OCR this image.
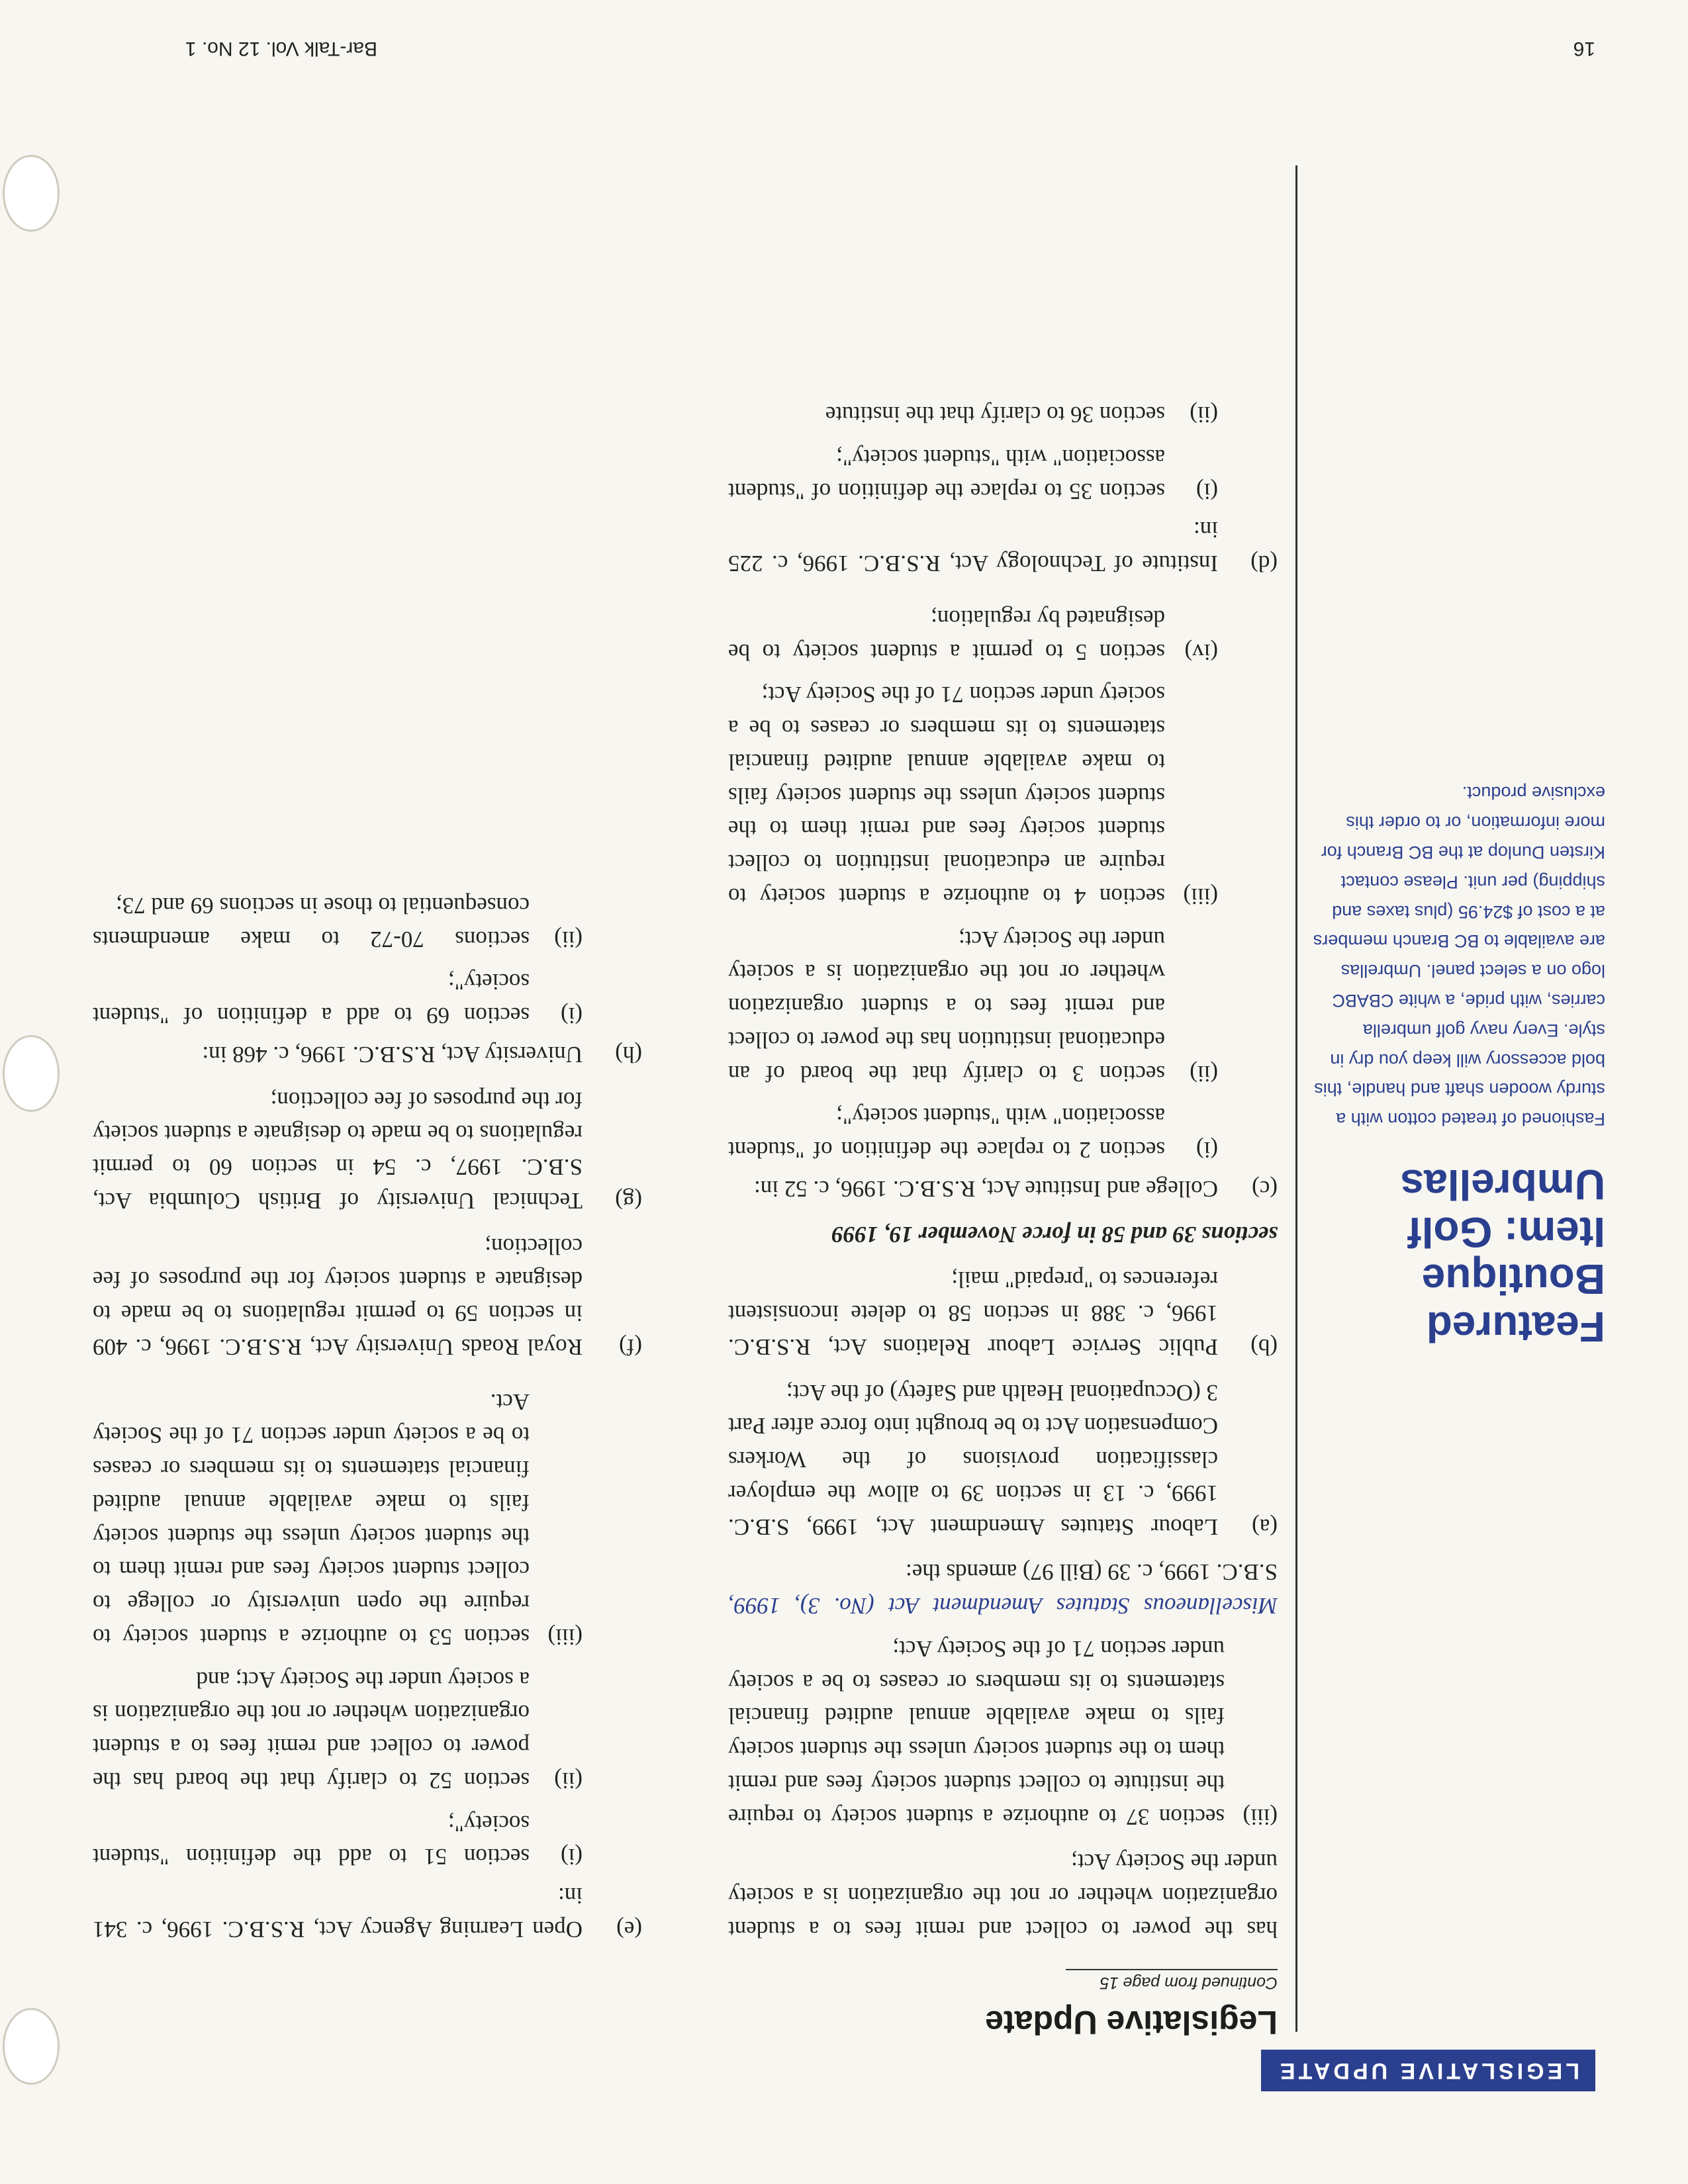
LEGISLATIVE UPDATE
Featured Boutique Item: Golf Umbrellas
Fashioned of treated cotton with a sturdy wooden shaft and handle, this bold accessory will keep you dry in style. Every navy golf umbrella carries, with pride, a white CBABC logo on a select panel. Umbrellas are available to BC Branch members at a cost of $24.95 (plus taxes and shipping) per unit. Please contact Kirsten Dunlop at the BC Branch for more information, or to order this exclusive product.
Legislative Update
Continued from page 15

has the power to collect and remit fees to a student organization whether or not the organization is a society under the Society Act;

(iii)
section 37 to authorize a student society to require the institute to collect student society fees and remit them to the student society unless the student society fails to make available annual audited financial statements to its members or ceases to be a society under section 71 of the Society Act;

Miscellaneous Statutes Amendment Act (No. 3), 1999, S.B.C. 1999, c. 39 (Bill 97) amends the:

(a)
Labour Statutes Amendment Act, 1999, S.B.C. 1999, c. 13 in section 39 to allow the employer classification provisions of the Workers Compensation Act to be brought into force after Part 3 (Occupational Health and Safety) of the Act;
(b)
Public Service Labour Relations Act, R.S.B.C. 1996, c. 388 in section 58 to delete inconsistent references to "prepaid" mail;

sections 39 and 58 in force November 19, 1999

(c)
College and Institute Act, R.S.B.C. 1996, c. 52 in:
(i)
section 2 to replace the definition of "student association" with "student society";
(ii)
section 3 to clarify that the board of an educational institution has the power to collect and remit fees to a student organization whether or not the organization is a society under the Society Act;
(iii)
section 4 to authorize a student society to require an educational institution to collect student society fees and remit them to the student society unless the student society fails to make available annual audited financial statements to its members or ceases to be a society under section 71 of the Society Act;
(iv)
section 5 to permit a student society to be designated by regulation;
(d)
Institute of Technology Act, R.S.B.C. 1996, c. 225 in:
(i)
section 35 to replace the definition of "student association" with "student society";
(ii)
section 36 to clarify that the institute
(e)
Open Learning Agency Act, R.S.B.C. 1996, c. 341 in:
(i)
section 51 to add the definition "student society";
(ii)
section 52 to clarify that the board has the power to collect and remit fees to a student organization whether or not the organization is a society under the Society Act; and
(iii)
section 53 to authorize a student society to require the open university or college to collect student society fees and remit them to the student society unless the student society fails to make available annual audited financial statements to its members or ceases to be a society under section 71 of the Society Act.
(f)
Royal Roads University Act, R.S.B.C. 1996, c. 409 in section 59 to permit regulations to be made to designate a student society for the purposes of fee collection;
(g)
Technical University of British Columbia Act, S.B.C. 1997, c. 54 in section 60 to permit regulations to be made to designate a student society for the purposes of fee collection;
(h)
University Act, R.S.B.C. 1996, c. 468 in:
(i)
section 69 to add a definition of "student society";
(ii)
sections 70-72 to make amendments consequential to those in sections 69 and 73;
16
Bar-Talk Vol. 12 No. 1
